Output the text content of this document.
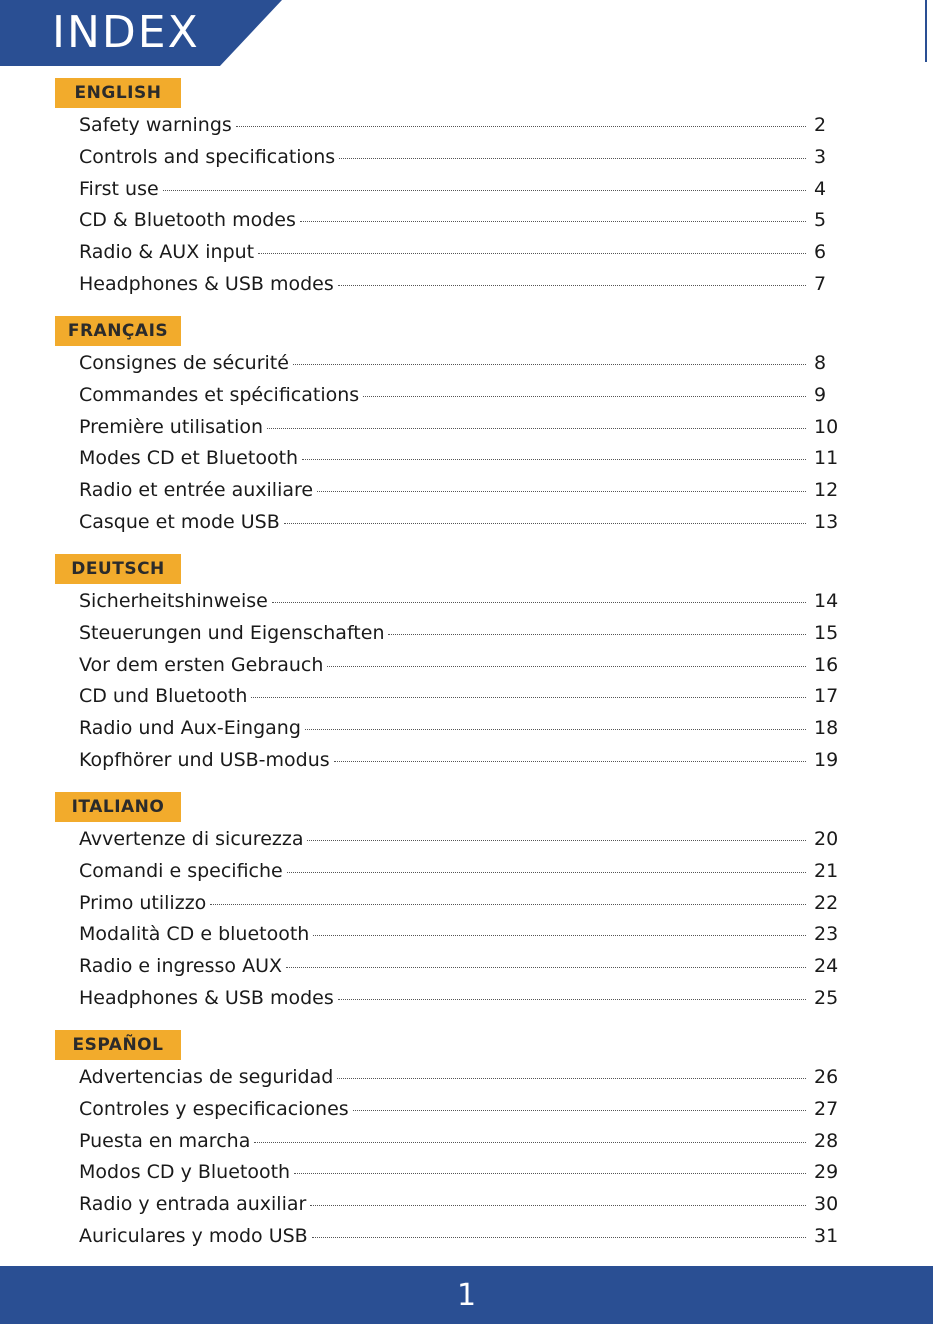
INDEX
ENGLISH
Safety warnings	2
Controls and specifications	3
First use	4
CD & Bluetooth modes	5
Radio & AUX input	6
Headphones & USB modes	7
FRANÇAIS
Consignes de sécurité	8
Commandes et spécifications	9
Première utilisation	10
Modes CD et Bluetooth	11
Radio et entrée auxiliare	12
Casque et mode USB	13
DEUTSCH
Sicherheitshinweise	14
Steuerungen und Eigenschaften	15
Vor dem ersten Gebrauch	16
CD und Bluetooth	17
Radio und Aux-Eingang	18
Kopfhörer und USB-modus	19
ITALIANO
Avvertenze di sicurezza	20
Comandi e specifiche	21
Primo utilizzo	22
Modalità CD e bluetooth	23
Radio e ingresso AUX	24
Headphones & USB modes	25
ESPAÑOL
Advertencias de seguridad	26
Controles y especificaciones	27
Puesta en marcha	28
Modos CD y Bluetooth	29
Radio y entrada auxiliar	30
Auriculares y modo USB	31
1
